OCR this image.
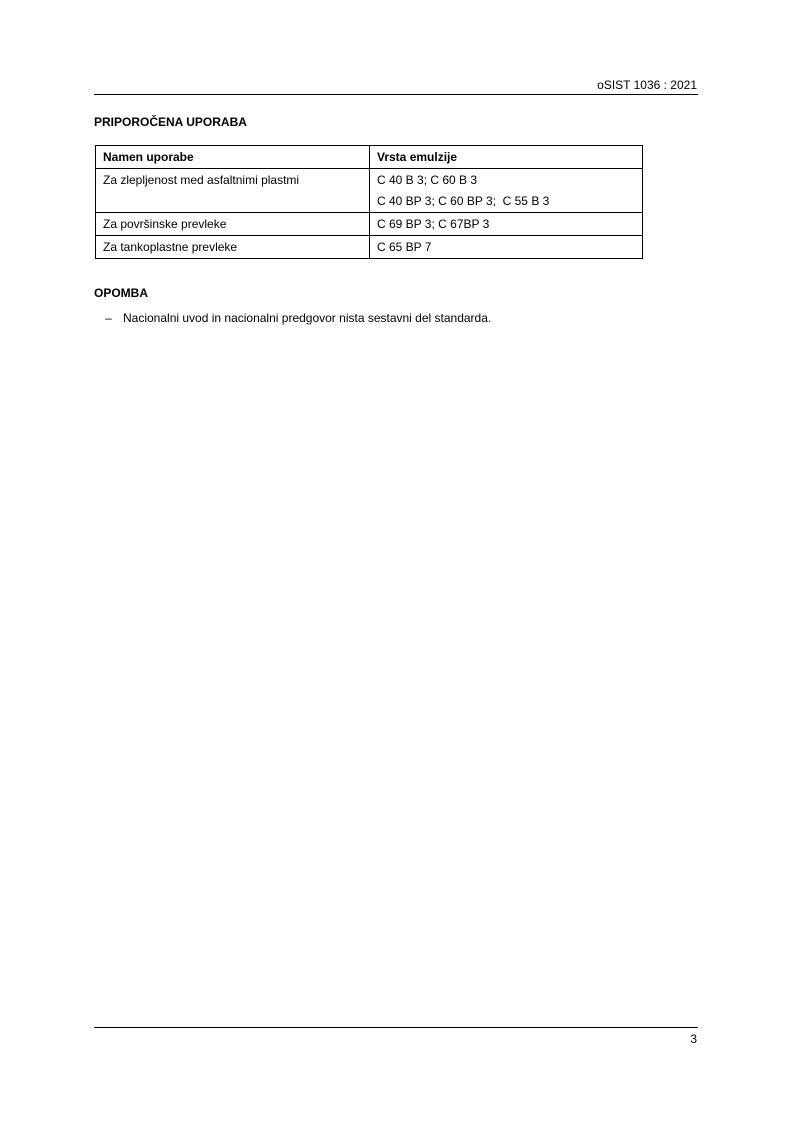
oSIST 1036 : 2021
PRIPOROČENA UPORABA
Namen uporabe	Vrsta emulzije
Za zlepljenost med asfaltnimi plastmi	C 40 B 3; C 60 B 3
C 40 BP 3; C 60 BP 3;  C 55 B 3

Za površinske prevleke	C 69 BP 3; C 67BP 3

Za tankoplastne prevleke	C 65 BP 7
OPOMBA
– Nacionalni uvod in nacionalni predgovor nista sestavni del standarda.
3
